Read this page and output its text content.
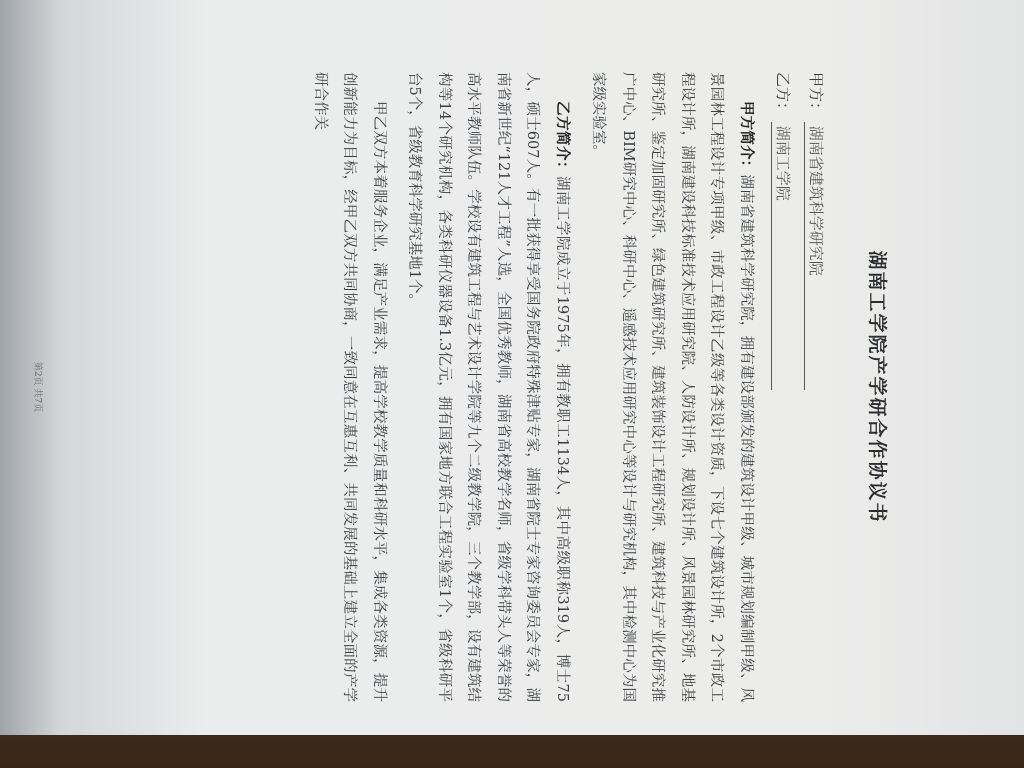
湖南工学院产学研合作协议书
甲方： 湖南省建筑科学研究院
乙方： 湖南工学院

甲方简介：湖南省建筑科学研究院，拥有建设部颁发的建筑设计甲级、城市规划编制甲级、风景园林工程设计专项甲级、市政工程设计乙级等各类设计资质，下设七个建筑设计所，2个市政工程设计所，湖南建设科技标准技术应用研究院、人防设计所、规划设计所、风景园林研究所、地基研究所、鉴定加固研究所、绿色建筑研究所、建筑装饰设计工程研究所、建筑科技与产业化研究推广中心、BIM研究中心、科研中心、遥感技术应用研究中心等设计与研究机构，其中检测中心为国家级实验室。

乙方简介：湖南工学院成立于1975年，拥有教职工1134人，其中高级职称319人，博士75人，硕士607人。有一批获得享受国务院政府特殊津贴专家，湖南省院士专家咨询委员会专家，湖南省新世纪“121人才工程”人选，全国优秀教师，湖南省高校教学名师，省级学科带头人等荣誉的高水平教师队伍。学校设有建筑工程与艺术设计学院等九个二级教学院，三个教学部，设有建筑结构等14个研究机构，各类科研仪器设备1.3亿元，拥有国家地方联合工程实验室1个，省级科研平台5个，省级教育科学研究基地1个。

甲乙双方本着服务企业，满足产业需求，提高学校教学质量和科研水平，集成各类资源，提升创新能力为目标，经甲乙双方共同协商，一致同意在互惠互利、共同发展的基础上建立全面的产学研合作关

第2页 共7页
